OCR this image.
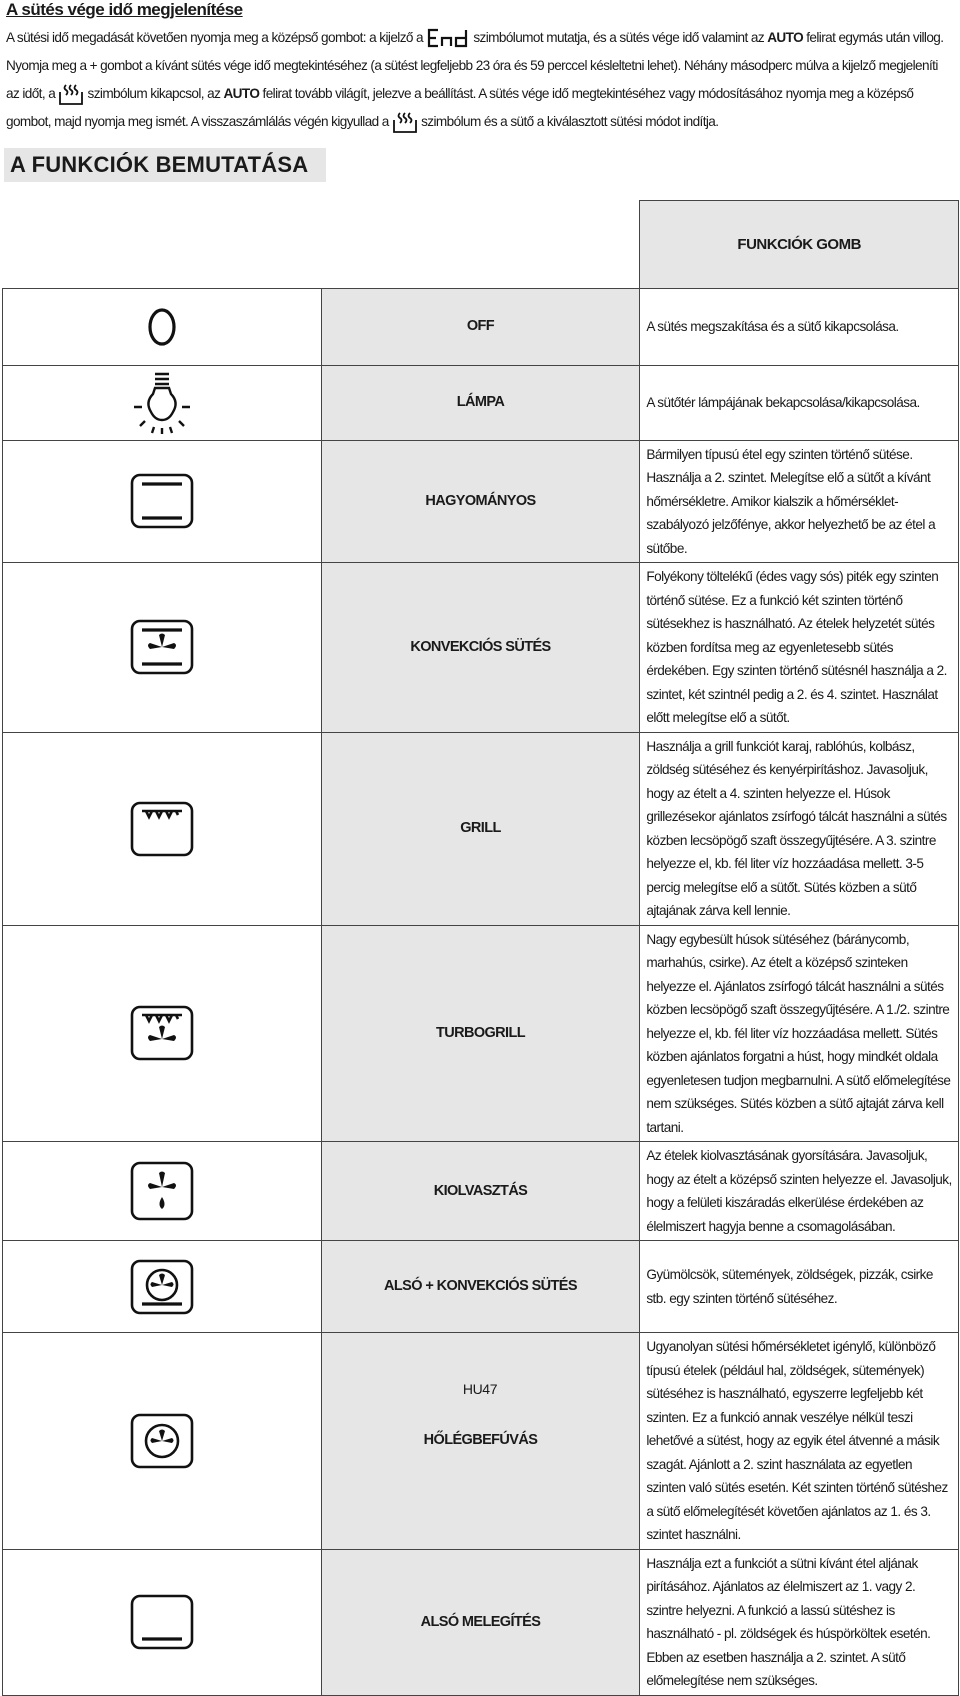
A sütés vége idő megjelenítése
A sütési idő megadását követően nyomja meg a középső gombot: a kijelző a	szimbólumot mutatja, és a sütés vége idő valamint az AUTO felirat egymás után villog. Nyomja meg a + gombot a kívánt sütés vége idő megtekintéséhez (a sütést legfeljebb 23 óra és 59 perccel késleltetni lehet). Néhány másodperc múlva a kijelző megjeleníti az időt, a
szimbólum kikapcsol, az AUTO felirat tovább világít, jelezve a beállítást. A sütés vége idő megtekintéséhez vagy módosításához nyomja meg a középső gombot, majd nyomja meg ismét. A visszaszámlálás végén kigyullad a
szimbólum és a sütő a kiválasztott sütési módot indítja.
A FUNKCIÓK BEMUTATÁSA
		FUNKCIÓK GOMB

	OFF	A sütés megszakítása és a sütő kikapcsolása.

	LÁMPA	A sütőtér lámpájának bekapcsolása/kikapcsolása.

	HAGYOMÁNYOS	Bármilyen típusú étel egy szinten történő sütése. Használja a 2. szintet. Melegítse elő a sütőt a kívánt hőmérsékletre. Amikor kialszik a hőmérséklet-szabályozó jelzőfénye, akkor helyezhető be az étel a sütőbe.

	KONVEKCIÓS SÜTÉS	Folyékony töltelékű (édes vagy sós) piték egy szinten történő sütése. Ez a funkció két szinten történő sütésekhez is használható. Az ételek helyzetét sütés közben fordítsa meg az egyenletesebb sütés érdekében. Egy szinten történő sütésnél használja a 2. szintet, két szintnél pedig a 2. és 4. szintet. Használat előtt melegítse elő a sütőt.

	GRILL	Használja a grill funkciót karaj, rablóhús, kolbász, zöldség sütéséhez és kenyérpirításhoz. Javasoljuk, hogy az ételt a 4. szinten helyezze el. Húsok grillezésekor ajánlatos zsírfogó tálcát használni a sütés közben lecsöpögő szaft összegyűjtésére. A 3. szintre helyezze el, kb. fél liter víz hozzáadása mellett. 3-5 percig melegítse elő a sütőt. Sütés közben a sütő ajtajának zárva kell lennie.

	TURBOGRILL	Nagy egybesült húsok sütéséhez (báránycomb, marhahús, csirke). Az ételt a középső szinteken helyezze el. Ajánlatos zsírfogó tálcát használni a sütés közben lecsöpögő szaft összegyűjtésére. A 1./2. szintre helyezze el, kb. fél liter víz hozzáadása mellett. Sütés közben ajánlatos forgatni a húst, hogy mindkét oldala egyenletesen tudjon megbarnulni. A sütő előmelegítése nem szükséges. Sütés közben a sütő ajtaját zárva kell tartani.

	KIOLVASZTÁS	Az ételek kiolvasztásának gyorsítására. Javasoljuk, hogy az ételt a középső szinten helyezze el. Javasoljuk, hogy a felületi kiszáradás elkerülése érdekében az élelmiszert hagyja benne a csomagolásában.

	ALSÓ + KONVEKCIÓS SÜTÉS	Gyümölcsök, sütemények, zöldségek, pizzák, csirke stb. egy szinten történő sütéséhez.

	HŐLÉGBEFÚVÁS	Ugyanolyan sütési hőmérsékletet igénylő, különböző típusú ételek (például hal, zöldségek, sütemények) sütéséhez is használható, egyszerre legfeljebb két szinten. Ez a funkció annak veszélye nélkül teszi lehetővé a sütést, hogy az egyik étel átvenné a másik szagát. Ajánlott a 2. szint használata az egyetlen szinten való sütés esetén. Két szinten történő sütéshez a sütő előmelegítését követően ajánlatos az 1. és 3. szintet használni.

	ALSÓ MELEGÍTÉS	Használja ezt a funkciót a sütni kívánt étel aljának pirításához. Ajánlatos az élelmiszert az 1. vagy 2. szintre helyezni. A funkció a lassú sütéshez is használható - pl. zöldségek és húspörköltek esetén. Ebben az esetben használja a 2. szintet. A sütő előmelegítése nem szükséges.
HU47
